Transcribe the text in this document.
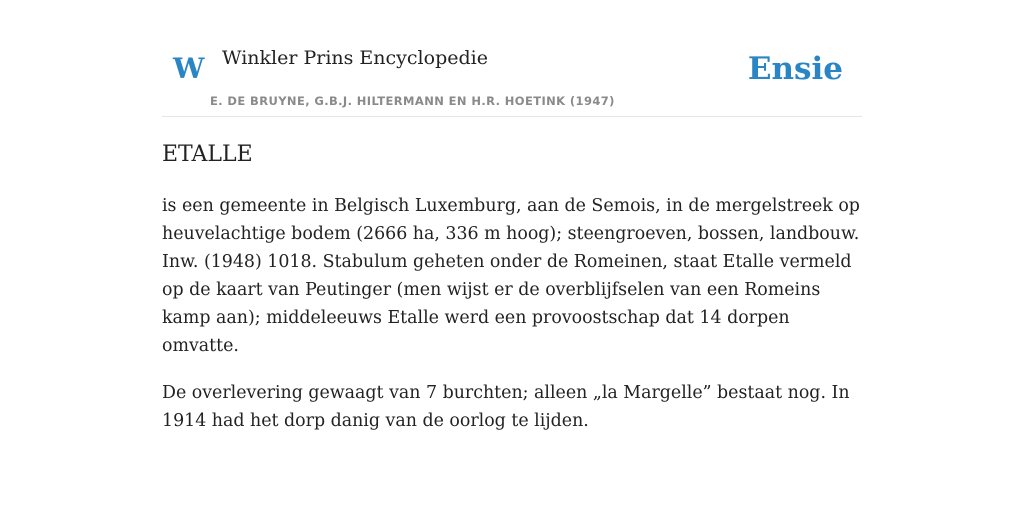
W Winkler Prins Encyclopedie
E. DE BRUYNE, G.B.J. HILTERMANN EN H.R. HOETINK (1947)
Ensie
ETALLE

is een gemeente in Belgisch Luxemburg, aan de Semois, in de mergelstreek op heuvelachtige bodem (2666 ha, 336 m hoog); steengroeven, bossen, landbouw. Inw. (1948) 1018. Stabulum geheten onder de Romeinen, staat Etalle vermeld op de kaart van Peutinger (men wijst er de overblijfselen van een Romeins kamp aan); middeleeuws Etalle werd een provoostschap dat 14 dorpen omvatte.

De overlevering gewaagt van 7 burchten; alleen „la Margelle” bestaat nog. In 1914 had het dorp danig van de oorlog te lijden.
